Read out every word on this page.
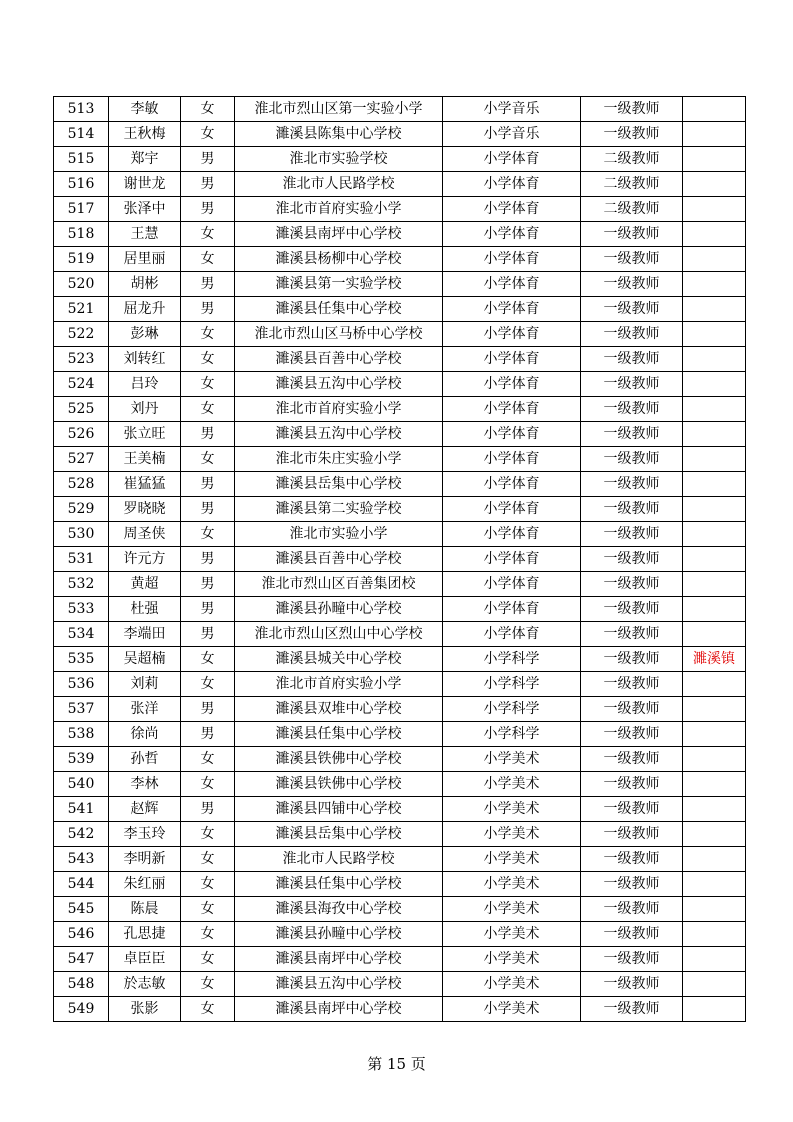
513	李敏	女	淮北市烈山区第一实验小学	小学音乐	一级教师	
514	王秋梅	女	濉溪县陈集中心学校	小学音乐	一级教师	
515	郑宇	男	淮北市实验学校	小学体育	二级教师	
516	谢世龙	男	淮北市人民路学校	小学体育	二级教师	
517	张泽中	男	淮北市首府实验小学	小学体育	二级教师	
518	王慧	女	濉溪县南坪中心学校	小学体育	一级教师	
519	居里丽	女	濉溪县杨柳中心学校	小学体育	一级教师	
520	胡彬	男	濉溪县第一实验学校	小学体育	一级教师	
521	屈龙升	男	濉溪县任集中心学校	小学体育	一级教师	
522	彭琳	女	淮北市烈山区马桥中心学校	小学体育	一级教师	
523	刘转红	女	濉溪县百善中心学校	小学体育	一级教师	
524	吕玲	女	濉溪县五沟中心学校	小学体育	一级教师	
525	刘丹	女	淮北市首府实验小学	小学体育	一级教师	
526	张立旺	男	濉溪县五沟中心学校	小学体育	一级教师	
527	王美楠	女	淮北市朱庄实验小学	小学体育	一级教师	
528	崔猛猛	男	濉溪县岳集中心学校	小学体育	一级教师	
529	罗晓晓	男	濉溪县第二实验学校	小学体育	一级教师	
530	周圣侠	女	淮北市实验小学	小学体育	一级教师	
531	许元方	男	濉溪县百善中心学校	小学体育	一级教师	
532	黄超	男	淮北市烈山区百善集团校	小学体育	一级教师	
533	杜强	男	濉溪县孙疃中心学校	小学体育	一级教师	
534	李端田	男	淮北市烈山区烈山中心学校	小学体育	一级教师	
535	吴超楠	女	濉溪县城关中心学校	小学科学	一级教师	濉溪镇
536	刘莉	女	淮北市首府实验小学	小学科学	一级教师	
537	张洋	男	濉溪县双堆中心学校	小学科学	一级教师	
538	徐尚	男	濉溪县任集中心学校	小学科学	一级教师	
539	孙哲	女	濉溪县铁佛中心学校	小学美术	一级教师	
540	李林	女	濉溪县铁佛中心学校	小学美术	一级教师	
541	赵辉	男	濉溪县四铺中心学校	小学美术	一级教师	
542	李玉玲	女	濉溪县岳集中心学校	小学美术	一级教师	
543	李明新	女	淮北市人民路学校	小学美术	一级教师	
544	朱红丽	女	濉溪县任集中心学校	小学美术	一级教师	
545	陈晨	女	濉溪县海孜中心学校	小学美术	一级教师	
546	孔思捷	女	濉溪县孙疃中心学校	小学美术	一级教师	
547	卓臣臣	女	濉溪县南坪中心学校	小学美术	一级教师	
548	於志敏	女	濉溪县五沟中心学校	小学美术	一级教师	
549	张影	女	濉溪县南坪中心学校	小学美术	一级教师	
第 15 页
